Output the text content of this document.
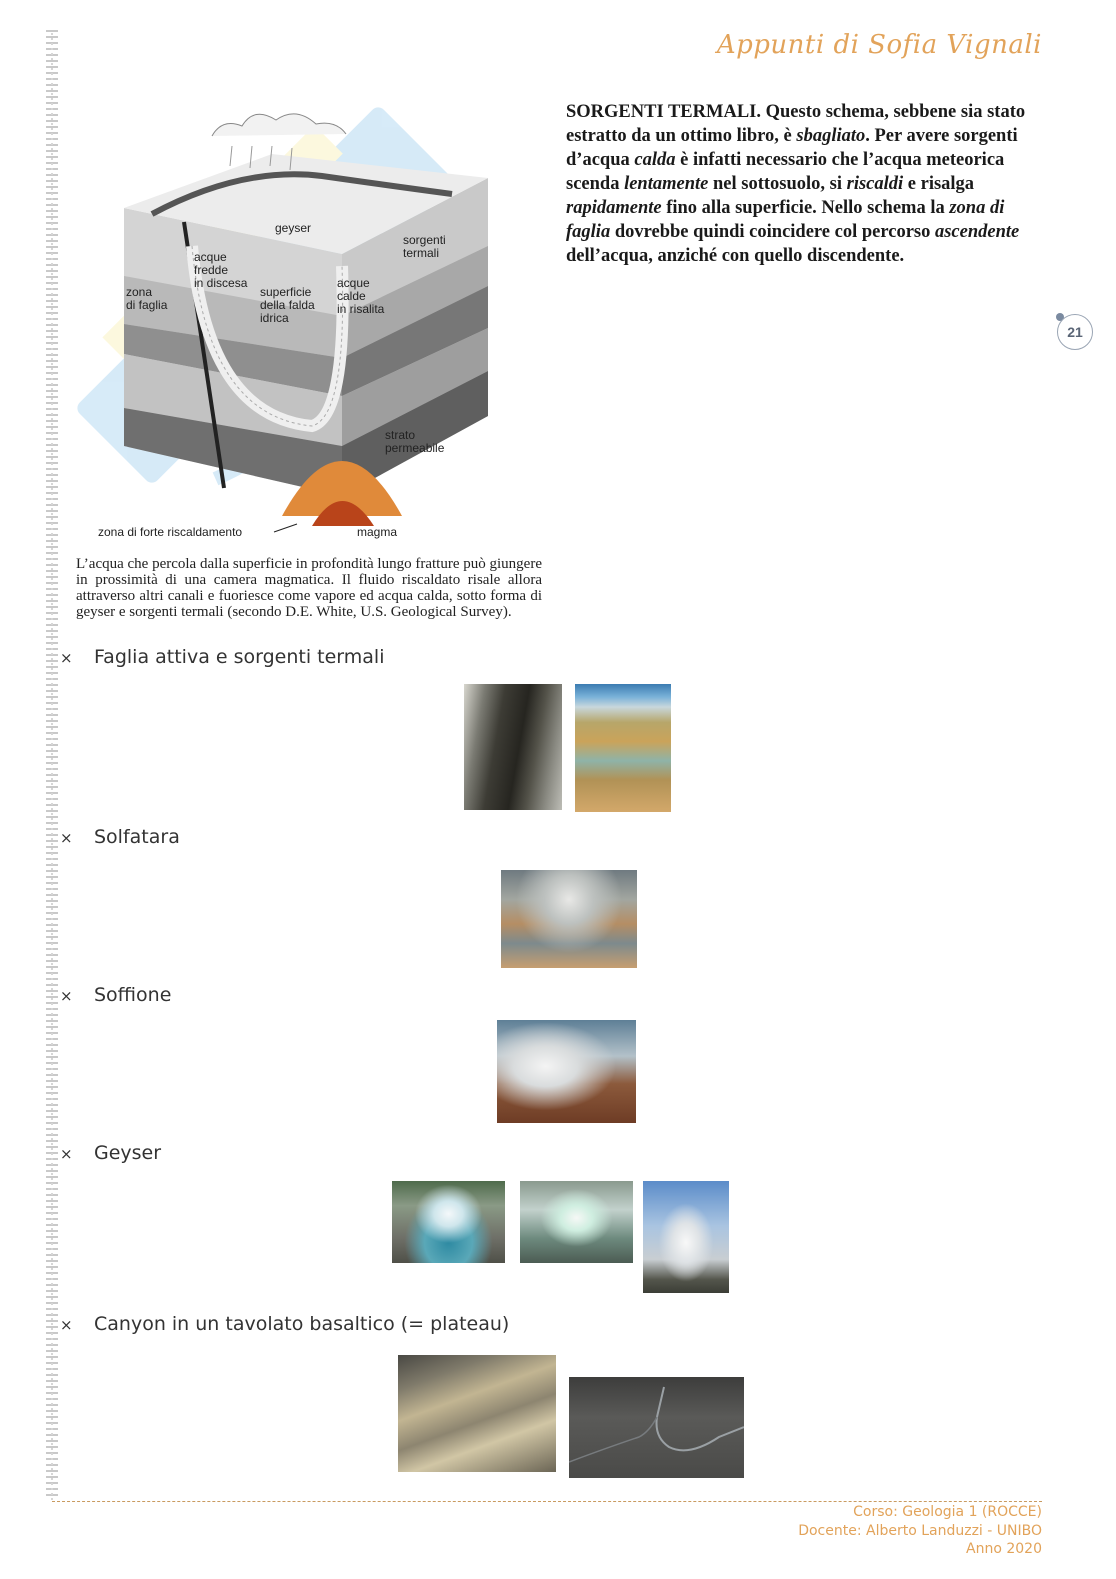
Appunti di Sofia Vignali
21
geyser
sorgenti
termali
acque
fredde
in discesa
zona
di faglia
superficie
della falda
idrica
acque
calde
in risalita
strato
permeabile
zona di forte riscaldamento	magma
L’acqua che percola dalla superficie in profondità lungo fratture può giungere in prossimità di una camera magmatica. Il fluido riscaldato risale allora attraverso altri canali e fuoriesce come vapore ed acqua calda, sotto forma di geyser e sorgenti termali (secondo D.E. White, U.S. Geological Survey).
SORGENTI TERMALI. Questo schema, sebbene sia stato estratto da un ottimo libro, è sbagliato. Per avere sorgenti d’acqua calda è infatti necessario che l’acqua meteorica scenda lentamente nel sottosuolo, si riscaldi e risalga rapidamente fino alla superficie. Nello schema la zona di faglia dovrebbe quindi coincidere col percorso ascendente dell’acqua, anziché con quello discendente.
× Faglia attiva e sorgenti termali
× Solfatara
× Soffione
× Geyser
× Canyon in un tavolato basaltico (= plateau)
Corso: Geologia 1 (ROCCE)
Docente: Alberto Landuzzi - UNIBO
Anno 2020
